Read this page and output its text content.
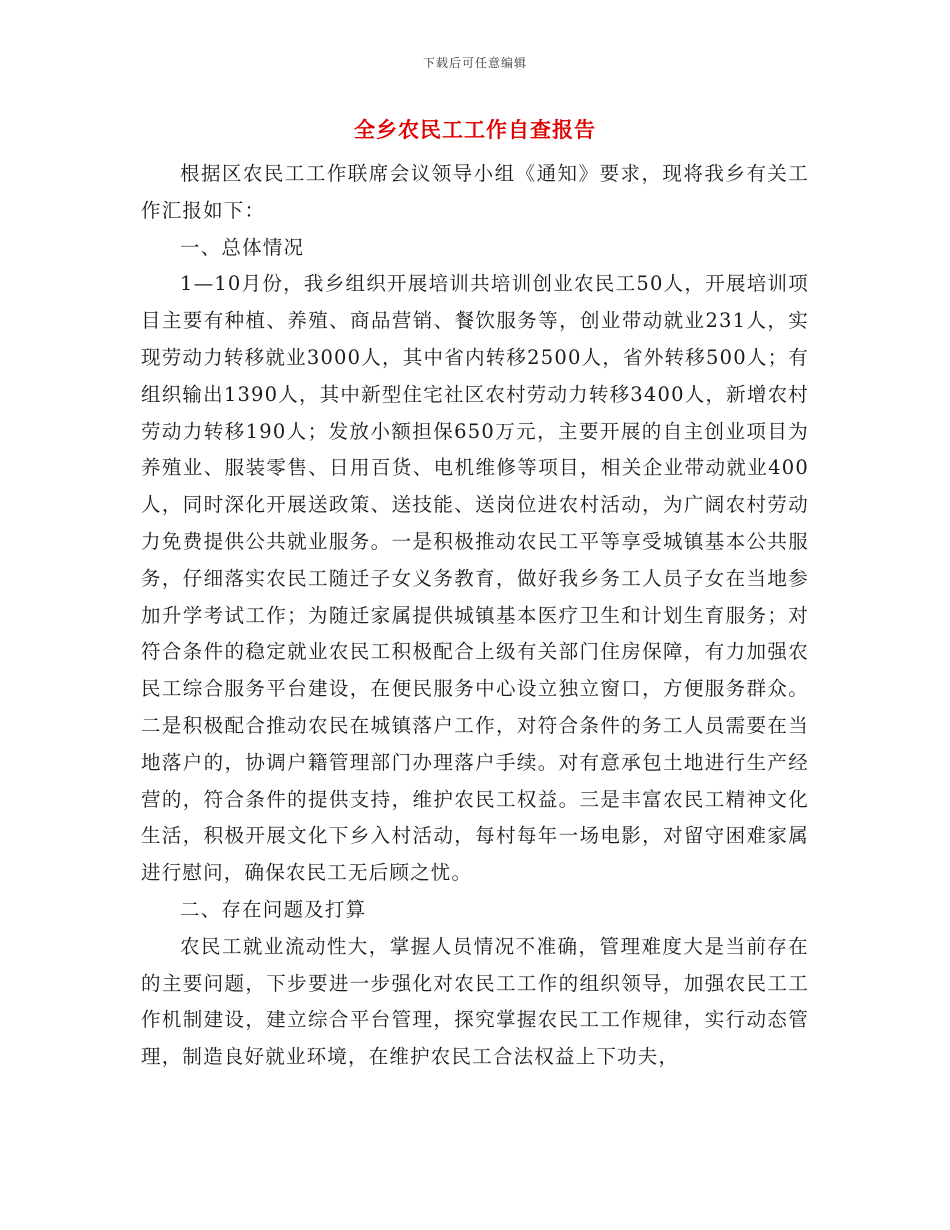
下载后可任意编辑
全乡农民工工作自查报告

根据区农民工工作联席会议领导小组《通知》要求，现将我乡有关工作汇报如下：

一、总体情况

1—10月份，我乡组织开展培训共培训创业农民工50人，开展培训项目主要有种植、养殖、商品营销、餐饮服务等，创业带动就业231人，实现劳动力转移就业3000人，其中省内转移2500人，省外转移500人；有组织输出1390人，其中新型住宅社区农村劳动力转移3400人，新增农村劳动力转移190人；发放小额担保650万元，主要开展的自主创业项目为养殖业、服装零售、日用百货、电机维修等项目，相关企业带动就业400人，同时深化开展送政策、送技能、送岗位进农村活动，为广阔农村劳动力免费提供公共就业服务。一是积极推动农民工平等享受城镇基本公共服务，仔细落实农民工随迁子女义务教育，做好我乡务工人员子女在当地参加升学考试工作；为随迁家属提供城镇基本医疗卫生和计划生育服务；对符合条件的稳定就业农民工积极配合上级有关部门住房保障，有力加强农民工综合服务平台建设，在便民服务中心设立独立窗口，方便服务群众。二是积极配合推动农民在城镇落户工作，对符合条件的务工人员需要在当地落户的，协调户籍管理部门办理落户手续。对有意承包土地进行生产经营的，符合条件的提供支持，维护农民工权益。三是丰富农民工精神文化生活，积极开展文化下乡入村活动，每村每年一场电影，对留守困难家属进行慰问，确保农民工无后顾之忧。

二、存在问题及打算

农民工就业流动性大，掌握人员情况不准确，管理难度大是当前存在的主要问题，下步要进一步强化对农民工工作的组织领导，加强农民工工作机制建设，建立综合平台管理，探究掌握农民工工作规律，实行动态管理，制造良好就业环境，在维护农民工合法权益上下功夫，
